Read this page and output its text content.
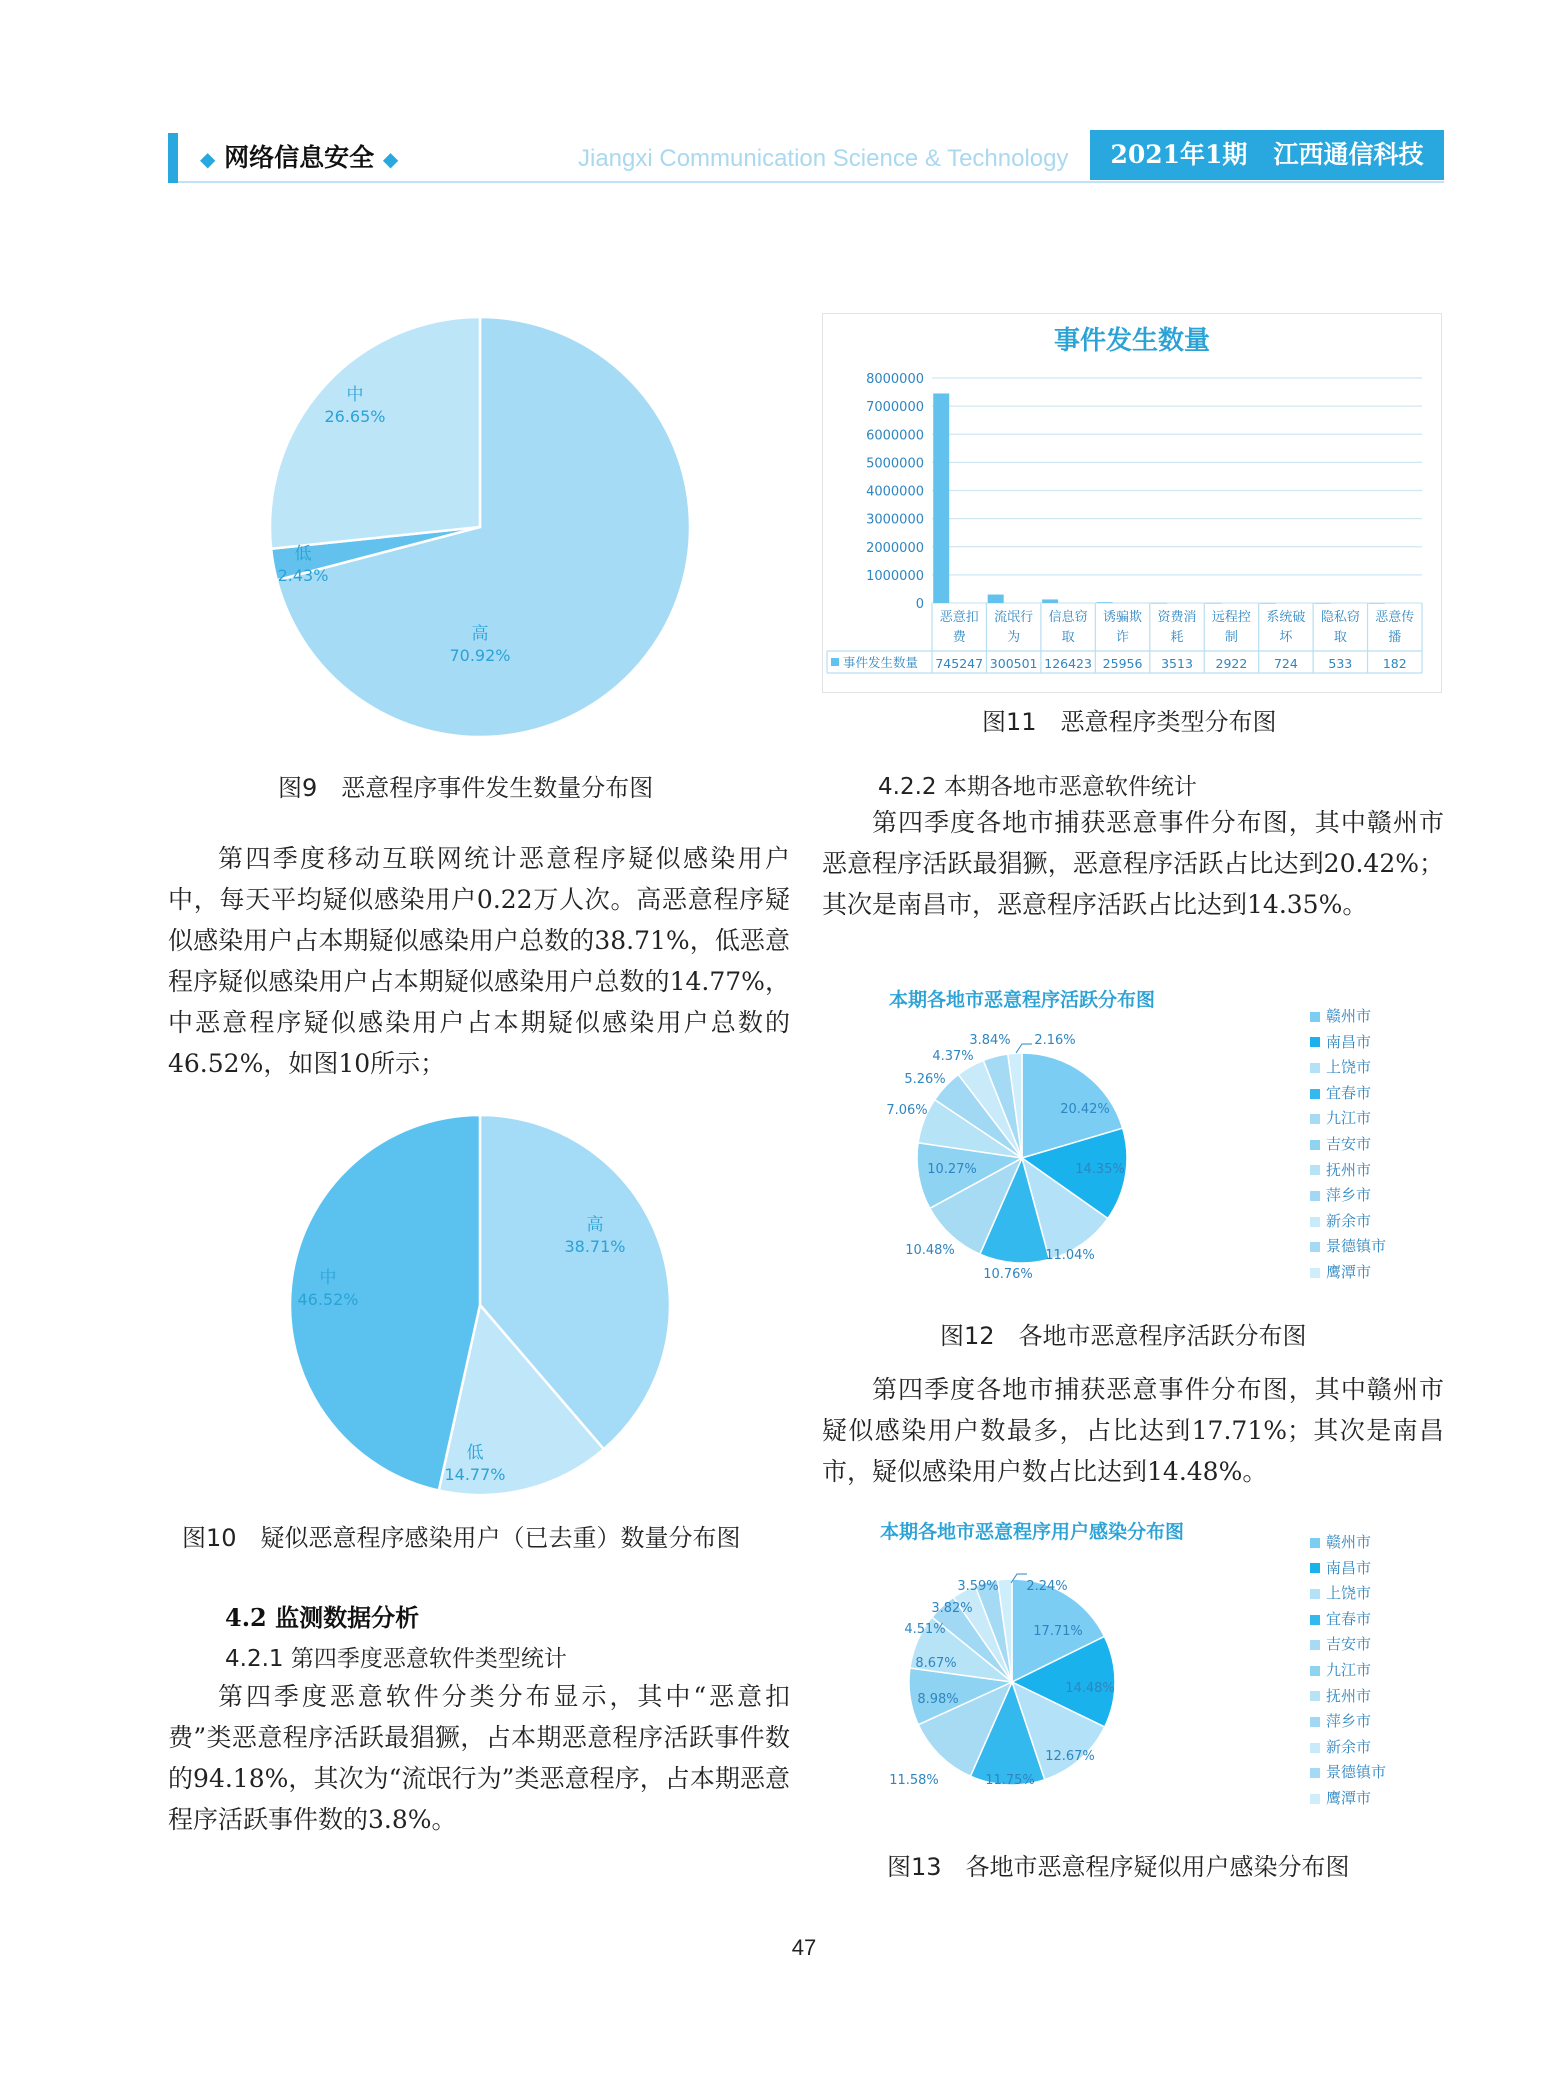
◆ 网络信息安全 ◆	Jiangxi Communication Science & Technology	2021年1期 江西通信科技
高
70.92%
低
2.43%
中
26.65%
图9　恶意程序事件发生数量分布图

第四季度移动互联网统计恶意程序疑似感染用户中，每天平均疑似感染用户0.22万人次。高恶意程序疑似感染用户占本期疑似感染用户总数的38.71%，低恶意程序疑似感染用户占本期疑似感染用户总数的14.77%，中恶意程序疑似感染用户占本期疑似感染用户总数的46.52%，如图10所示；

高
38.71%
低
14.77%
中
46.52%
图10　疑似恶意程序感染用户（已去重）数量分布图
4.2 监测数据分析
4.2.1 第四季度恶意软件类型统计

第四季度恶意软件分类分布显示，其中“恶意扣费”类恶意程序活跃最猖獗，占本期恶意程序活跃事件数的94.18%，其次为“流氓行为”类恶意程序，占本期恶意程序活跃事件数的3.8%。

事件发生数量
0
1000000
2000000
3000000
4000000
5000000
6000000
7000000
8000000
恶意扣
费
745247
流氓行
为
300501
信息窃
取
126423
诱骗欺
诈
25956
资费消
耗
3513
远程控
制
2922
系统破
坏
724
隐私窃
取
533
恶意传
播
182
事件发生数量
图11　恶意程序类型分布图
4.2.2 本期各地市恶意软件统计

第四季度各地市捕获恶意事件分布图，其中赣州市恶意程序活跃最猖獗，恶意程序活跃占比达到20.42%；其次是南昌市，恶意程序活跃占比达到14.35%。

本期各地市恶意程序活跃分布图
20.42%
14.35%
11.04%
10.76%
10.48%
10.27%
7.06%
5.26%
4.37%
3.84% 2.16%
赣州市
南昌市
上饶市
宜春市
九江市
吉安市
抚州市
萍乡市
新余市
景德镇市
鹰潭市
图12　各地市恶意程序活跃分布图

第四季度各地市捕获恶意事件分布图，其中赣州市疑似感染用户数最多，占比达到17.71%；其次是南昌市，疑似感染用户数占比达到14.48%。

本期各地市恶意程序用户感染分布图
17.71%
14.48%
12.67%
11.75%
11.58%
8.98%
8.67%
4.51%
3.82%
3.59% 2.24%
赣州市
南昌市
上饶市
宜春市
吉安市
九江市
抚州市
萍乡市
新余市
景德镇市
鹰潭市
图13　各地市恶意程序疑似用户感染分布图
47
